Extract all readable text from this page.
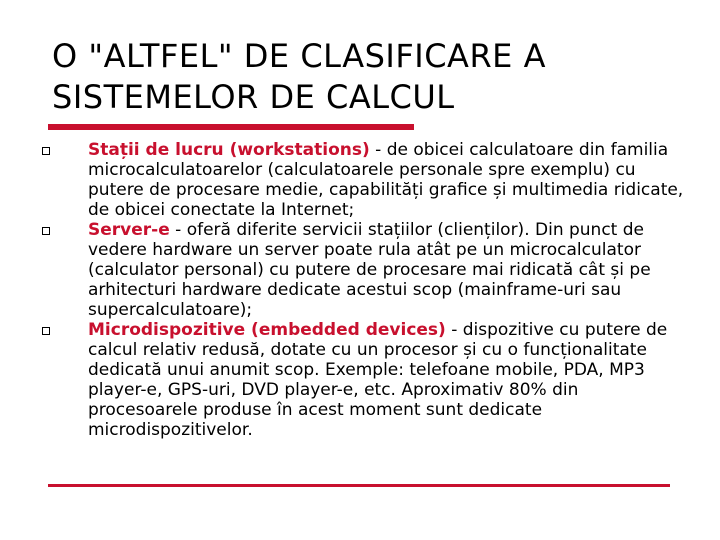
O "ALTFEL" DE CLASIFICARE A SISTEMELOR DE CALCUL
Stații de lucru (workstations) - de obicei calculatoare din familia microcalculatoarelor (calculatoarele personale spre exemplu) cu putere de procesare medie, capabilități grafice și multimedia ridicate, de obicei conectate la Internet;
Server-e - oferă diferite servicii stațiilor (clienților). Din punct de vedere hardware un server poate rula atât pe un microcalculator (calculator personal) cu putere de procesare mai ridicată cât și pe arhitecturi hardware dedicate acestui scop (mainframe-uri sau supercalculatoare);
Microdispozitive (embedded devices) - dispozitive cu putere de calcul relativ redusă, dotate cu un procesor și cu o funcționalitate dedicată unui anumit scop. Exemple: telefoane mobile, PDA, MP3 player-e, GPS-uri, DVD player-e, etc. Aproximativ 80% din procesoarele produse în acest moment sunt dedicate microdispozitivelor.
